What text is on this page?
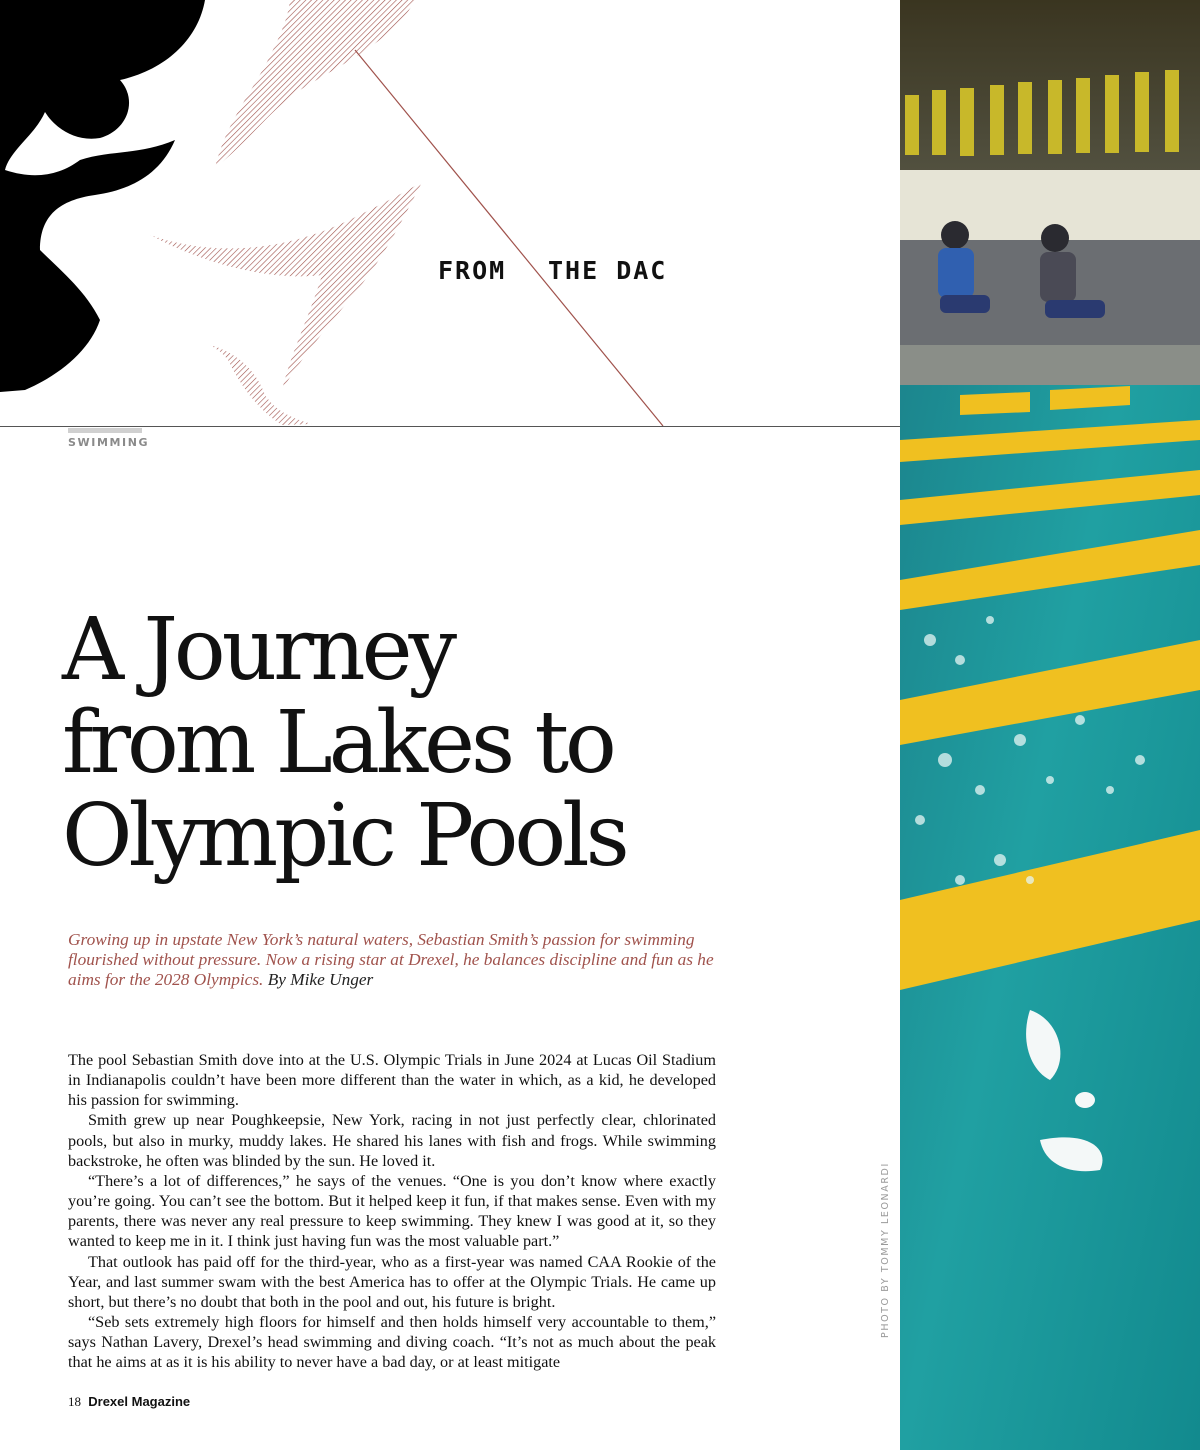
FROM THE DAC
SWIMMING
A Journey
from Lakes to
Olympic Pools

Growing up in upstate New York’s natural waters, Sebastian Smith’s passion for swimming flourished without pressure. Now a rising star at Drexel, he balances discipline and fun as he aims for the 2028 Olympics. By Mike Unger

The pool Sebastian Smith dove into at the U.S. Olympic Trials in June 2024 at Lucas Oil Stadium in Indianapolis couldn’t have been more different than the water in which, as a kid, he developed his passion for swimming.

Smith grew up near Poughkeepsie, New York, racing in not just perfectly clear, chlorinated pools, but also in murky, muddy lakes. He shared his lanes with fish and frogs. While swimming backstroke, he often was blinded by the sun. He loved it.

“There’s a lot of differences,” he says of the venues. “One is you don’t know where exactly you’re going. You can’t see the bottom. But it helped keep it fun, if that makes sense. Even with my parents, there was never any real pressure to keep swimming. They knew I was good at it, so they wanted to keep me in it. I think just having fun was the most valuable part.”

That outlook has paid off for the third-year, who as a first-year was named CAA Rookie of the Year, and last summer swam with the best America has to offer at the Olympic Trials. He came up short, but there’s no doubt that both in the pool and out, his future is bright.

“Seb sets extremely high floors for himself and then holds himself very accountable to them,” says Nathan Lavery, Drexel’s head swimming and diving coach. “It’s not as much about the peak that he aims at as it is his ability to never have a bad day, or at least mitigate

18 Drexel Magazine
PHOTO BY TOMMY LEONARDI
